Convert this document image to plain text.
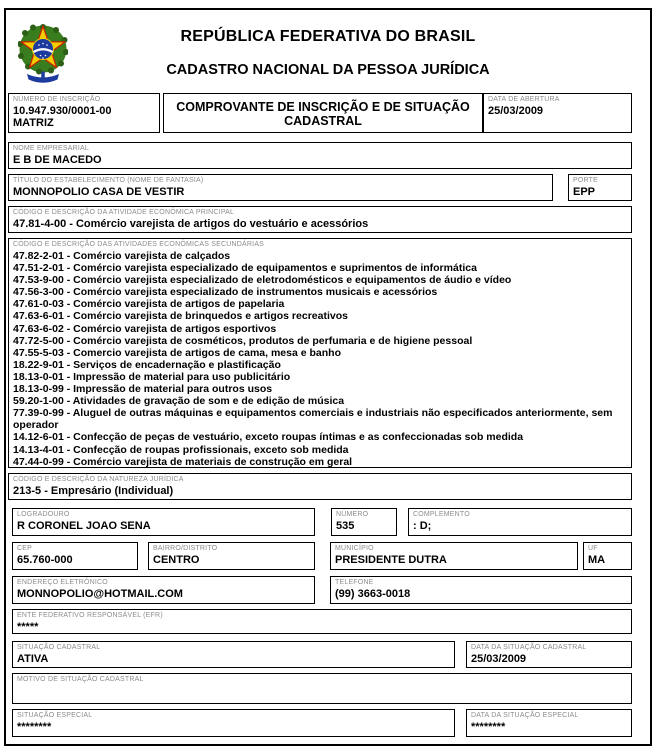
REPÚBLICA FEDERATIVA DO BRASIL
CADASTRO NACIONAL DA PESSOA JURÍDICA
NÚMERO DE INSCRIÇÃO
10.947.930/0001-00
MATRIZ
COMPROVANTE DE INSCRIÇÃO E DE SITUAÇÃO CADASTRAL
DATA DE ABERTURA
25/03/2009
NOME EMPRESARIAL
E B DE MACEDO
TÍTULO DO ESTABELECIMENTO (NOME DE FANTASIA)
MONNOPOLIO CASA DE VESTIR
PORTE
EPP
CÓDIGO E DESCRIÇÃO DA ATIVIDADE ECONÔMICA PRINCIPAL
47.81-4-00 - Comércio varejista de artigos do vestuário e acessórios
CÓDIGO E DESCRIÇÃO DAS ATIVIDADES ECONÔMICAS SECUNDÁRIAS
47.82-2-01 - Comércio varejista de calçados
47.51-2-01 - Comércio varejista especializado de equipamentos e suprimentos de informática
47.53-9-00 - Comércio varejista especializado de eletrodomésticos e equipamentos de áudio e vídeo
47.56-3-00 - Comércio varejista especializado de instrumentos musicais e acessórios
47.61-0-03 - Comércio varejista de artigos de papelaria
47.63-6-01 - Comércio varejista de brinquedos e artigos recreativos
47.63-6-02 - Comércio varejista de artigos esportivos
47.72-5-00 - Comércio varejista de cosméticos, produtos de perfumaria e de higiene pessoal
47.55-5-03 - Comercio varejista de artigos de cama, mesa e banho
18.22-9-01 - Serviços de encadernação e plastificação
18.13-0-01 - Impressão de material para uso publicitário
18.13-0-99 - Impressão de material para outros usos
59.20-1-00 - Atividades de gravação de som e de edição de música
77.39-0-99 - Aluguel de outras máquinas e equipamentos comerciais e industriais não especificados anteriormente, sem operador
14.12-6-01 - Confecção de peças de vestuário, exceto roupas íntimas e as confeccionadas sob medida
14.13-4-01 - Confecção de roupas profissionais, exceto sob medida
47.44-0-99 - Comércio varejista de materiais de construção em geral
CÓDIGO E DESCRIÇÃO DA NATUREZA JURÍDICA
213-5 - Empresário (Individual)
LOGRADOURO
R CORONEL JOAO SENA
NÚMERO
535
COMPLEMENTO
: D;
CEP
65.760-000
BAIRRO/DISTRITO
CENTRO
MUNICÍPIO
PRESIDENTE DUTRA
UF
MA
ENDEREÇO ELETRÔNICO
MONNOPOLIO@HOTMAIL.COM
TELEFONE
(99) 3663-0018
ENTE FEDERATIVO RESPONSÁVEL (EFR)
*****
SITUAÇÃO CADASTRAL
ATIVA
DATA DA SITUAÇÃO CADASTRAL
25/03/2009
MOTIVO DE SITUAÇÃO CADASTRAL
SITUAÇÃO ESPECIAL
********
DATA DA SITUAÇÃO ESPECIAL
********
